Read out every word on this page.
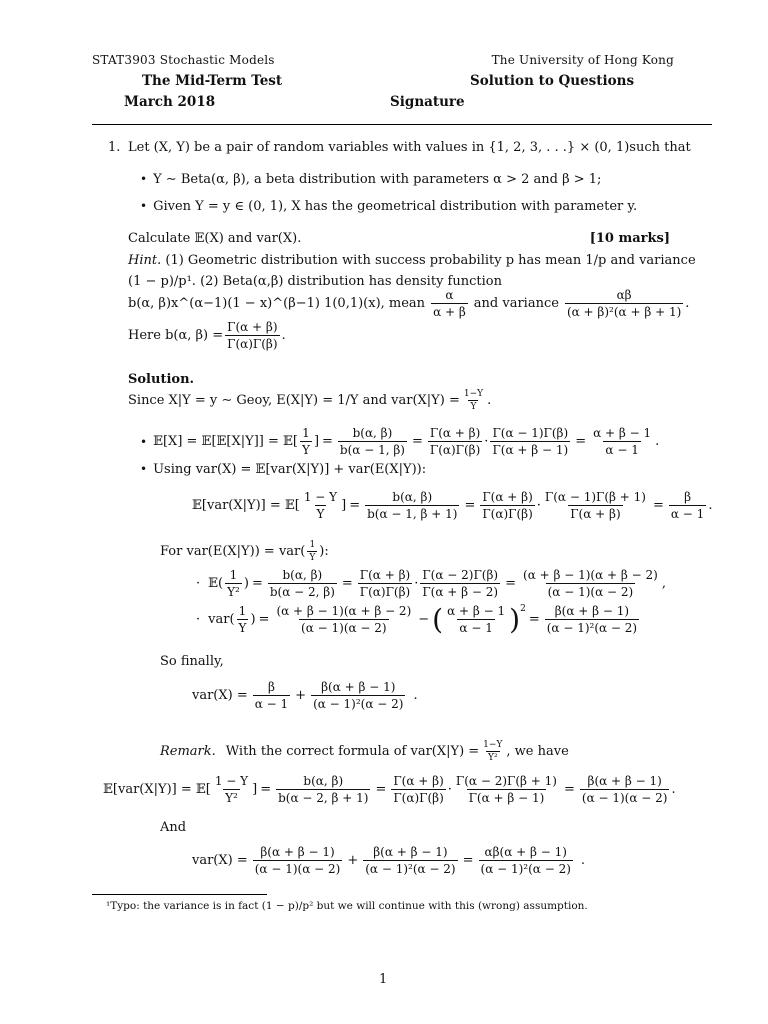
STAT3903 Stochastic Models	The University of Hong Kong
The Mid-Term Test	Solution to Questions
March 2018	Signature
1. Let (X, Y) be a pair of random variables with values in {1, 2, 3, . . .} × (0, 1)such that
• Y ∼ Beta(α, β), a beta distribution with parameters α > 2 and β > 1;
• Given Y = y ∈ (0, 1), X has the geometrical distribution with parameter y.
Calculate 𝔼(X) and var(X).	[10 marks]
Hint. (1) Geometric distribution with success probability p has mean 1/p and variance
(1 − p)/p¹. (2) Beta(α,β) distribution has density function
b(α, β)x^(α−1)(1 − x)^(β−1) 1(0,1)(x), mean $\frac{\alpha}{\alpha + \beta}$ and variance $\frac{\alpha\beta}{\text{(α + β)²(α + β + 1)}}$ .
Here b(α, $\beta) = \frac{\Gamma(\alpha + \beta)}{\Gamma(\alpha)\Gamma(\beta)}$ .
Solution.
Since X|Y = y ∼ Geoy, E(X|Y) = 1/Y and $var(X|Y) = \frac{1-Y}{Y}$ .
• 𝔼[X] = 𝔼[𝔼[X|Y]] = 𝔼[ $\frac{1}{Y}$ ] = $\frac{b(\alpha, \beta)}{b(\alpha - 1, \beta)} = \frac{\Gamma(\alpha + \beta)}{\Gamma(\alpha)\Gamma(\beta)} \cdot \frac{\Gamma(\alpha - 1)\Gamma(\beta)}{\Gamma(\alpha + \beta - 1)} = \frac{\alpha + \beta - 1}{\alpha - 1}$ .
• Using var(X) = 𝔼[var(X|Y)] + var(E(X|Y)):
𝔼[var(X|Y)] = 𝔼[ $\frac{1 - Y}{Y}$ ] = $\frac{b(\alpha, \beta)}{b(\alpha - 1, \beta + 1)} = \frac{\Gamma(\alpha + \beta)}{\Gamma(\alpha)\Gamma(\beta)} \cdot \frac{\Gamma(\alpha - 1)\Gamma(\beta + 1)}{\Gamma(\alpha + \beta)} = \frac{\beta}{\alpha - 1}$ .
For $var(E(X|Y)) = var( \frac{1}{Y}$ ):
· 𝔼( $\frac{1}{\text{Y²}}$ ) = $\frac{b(\alpha, \beta)}{b(\alpha - 2, \beta)} = \frac{\Gamma(\alpha + \beta)}{\Gamma(\alpha)\Gamma(\beta)} \cdot \frac{\Gamma(\alpha - 2)\Gamma(\beta)}{\Gamma(\alpha + \beta - 2)} = \frac{(\alpha + \beta - 1)(\alpha + \beta - 2)}{(\alpha - 1)(\alpha - 2)}$ ,
· $var( \frac{1}{Y}$ ) = $\frac{(\alpha + \beta - 1)(\alpha + \beta - 2)}{(\alpha - 1)(\alpha - 2)}$ − ( $\frac{\alpha + \beta - 1}{\alpha - 1} )^2$
= $\frac{\beta(\alpha + \beta - 1)}{\text{(α − 1)²(α − 2)}}$
So finally,
$var(X) = \frac{\beta}{\alpha - 1} + \frac{\beta(\alpha + \beta - 1)}{\text{(α − 1)²(α − 2)}}$ .
Remark. With the correct formula of $var(X|Y) = \frac{1-Y}{\text{Y²}}$ , we have
𝔼[var(X|Y)] = 𝔼[ $\frac{1 - Y}{\text{Y²}}$ ] = $\frac{b(\alpha, \beta)}{b(\alpha - 2, \beta + 1)} = \frac{\Gamma(\alpha + \beta)}{\Gamma(\alpha)\Gamma(\beta)} \cdot \frac{\Gamma(\alpha - 2)\Gamma(\beta + 1)}{\Gamma(\alpha + \beta - 1)} = \frac{\beta(\alpha + \beta - 1)}{(\alpha - 1)(\alpha - 2)}$ .
And
$var(X) = \frac{\beta(\alpha + \beta - 1)}{(\alpha - 1)(\alpha - 2)} + \frac{\beta(\alpha + \beta - 1)}{\text{(α − 1)²(α − 2)}} = \frac{\alpha\beta(\alpha + \beta - 1)}{\text{(α − 1)²(α − 2)}}$ .
¹Typo: the variance is in fact (1 − p)/p² but we will continue with this (wrong) assumption.
1
